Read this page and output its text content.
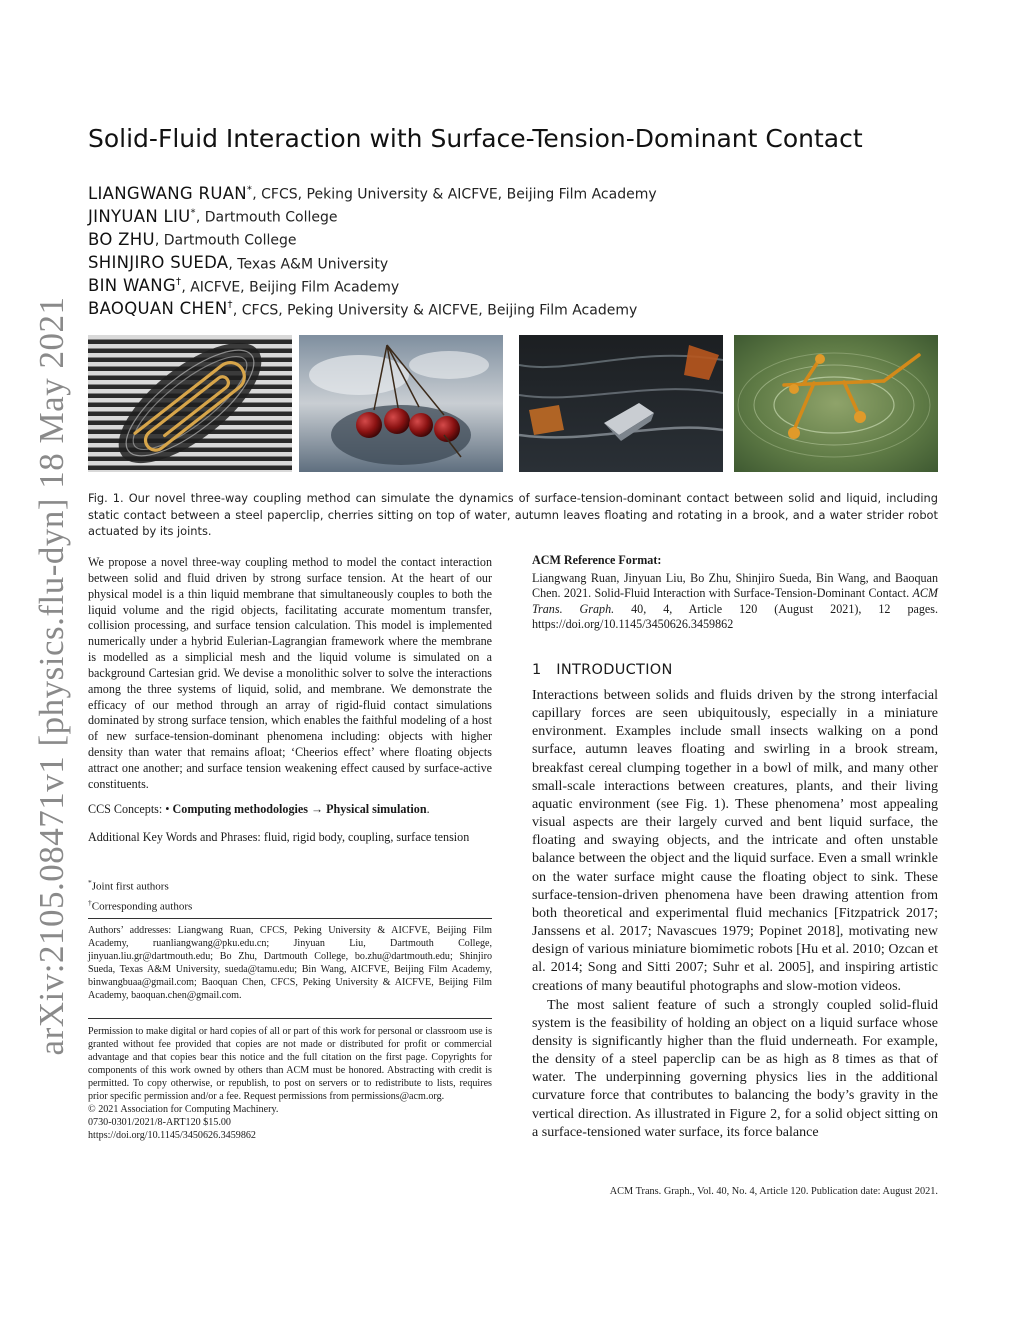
arXiv:2105.08471v1 [physics.flu-dyn] 18 May 2021
Solid-Fluid Interaction with Surface-Tension-Dominant Contact
LIANGWANG RUAN*, CFCS, Peking University & AICFVE, Beijing Film Academy
JINYUAN LIU*, Dartmouth College
BO ZHU, Dartmouth College
SHINJIRO SUEDA, Texas A&M University
BIN WANG†, AICFVE, Beijing Film Academy
BAOQUAN CHEN†, CFCS, Peking University & AICFVE, Beijing Film Academy
Fig. 1. Our novel three-way coupling method can simulate the dynamics of surface-tension-dominant contact between solid and liquid, including static contact between a steel paperclip, cherries sitting on top of water, autumn leaves floating and rotating in a brook, and a water strider robot actuated by its joints.

We propose a novel three-way coupling method to model the contact interaction between solid and fluid driven by strong surface tension. At the heart of our physical model is a thin liquid membrane that simultaneously couples to both the liquid volume and the rigid objects, facilitating accurate momentum transfer, collision processing, and surface tension calculation. This model is implemented numerically under a hybrid Eulerian-Lagrangian framework where the membrane is modelled as a simplicial mesh and the liquid volume is simulated on a background Cartesian grid. We devise a monolithic solver to solve the interactions among the three systems of liquid, solid, and membrane. We demonstrate the efficacy of our method through an array of rigid-fluid contact simulations dominated by strong surface tension, which enables the faithful modeling of a host of new surface-tension-dominant phenomena including: objects with higher density than water that remains afloat; ‘Cheerios effect’ where floating objects attract one another; and surface tension weakening effect caused by surface-active constituents.

CCS Concepts: • Computing methodologies → Physical simulation.

Additional Key Words and Phrases: fluid, rigid body, coupling, surface tension

*Joint first authors
†Corresponding authors
Authors’ addresses: Liangwang Ruan, CFCS, Peking University & AICFVE, Beijing Film Academy, ruanliangwang@pku.edu.cn; Jinyuan Liu, Dartmouth College, jinyuan.liu.gr@dartmouth.edu; Bo Zhu, Dartmouth College, bo.zhu@dartmouth.edu; Shinjiro Sueda, Texas A&M University, sueda@tamu.edu; Bin Wang, AICFVE, Beijing Film Academy, binwangbuaa@gmail.com; Baoquan Chen, CFCS, Peking University & AICFVE, Beijing Film Academy, baoquan.chen@gmail.com.
Permission to make digital or hard copies of all or part of this work for personal or classroom use is granted without fee provided that copies are not made or distributed for profit or commercial advantage and that copies bear this notice and the full citation on the first page. Copyrights for components of this work owned by others than ACM must be honored. Abstracting with credit is permitted. To copy otherwise, or republish, to post on servers or to redistribute to lists, requires prior specific permission and/or a fee. Request permissions from permissions@acm.org.
© 2021 Association for Computing Machinery.
0730-0301/2021/8-ART120 $15.00
https://doi.org/10.1145/3450626.3459862
ACM Reference Format:
Liangwang Ruan, Jinyuan Liu, Bo Zhu, Shinjiro Sueda, Bin Wang, and Baoquan Chen. 2021. Solid-Fluid Interaction with Surface-Tension-Dominant Contact. ACM Trans. Graph. 40, 4, Article 120 (August 2021), 12 pages. https://doi.org/10.1145/3450626.3459862
1 INTRODUCTION

Interactions between solids and fluids driven by the strong interfacial capillary forces are seen ubiquitously, especially in a miniature environment. Examples include small insects walking on a pond surface, autumn leaves floating and swirling in a brook stream, breakfast cereal clumping together in a bowl of milk, and many other small-scale interactions between creatures, plants, and their living aquatic environment (see Fig. 1). These phenomena’ most appealing visual aspects are their largely curved and bent liquid surface, the floating and swaying objects, and the intricate and often unstable balance between the object and the liquid surface. Even a small wrinkle on the water surface might cause the floating object to sink. These surface-tension-driven phenomena have been drawing attention from both theoretical and experimental fluid mechanics [Fitzpatrick 2017; Janssens et al. 2017; Navascues 1979; Popinet 2018], motivating new design of various miniature biomimetic robots [Hu et al. 2010; Ozcan et al. 2014; Song and Sitti 2007; Suhr et al. 2005], and inspiring artistic creations of many beautiful photographs and slow-motion videos.

The most salient feature of such a strongly coupled solid-fluid system is the feasibility of holding an object on a liquid surface whose density is significantly higher than the fluid underneath. For example, the density of a steel paperclip can be as high as 8 times as that of water. The underpinning governing physics lies in the additional curvature force that contributes to balancing the body’s gravity in the vertical direction. As illustrated in Figure 2, for a solid object sitting on a surface-tensioned water surface, its force balance

ACM Trans. Graph., Vol. 40, No. 4, Article 120. Publication date: August 2021.
